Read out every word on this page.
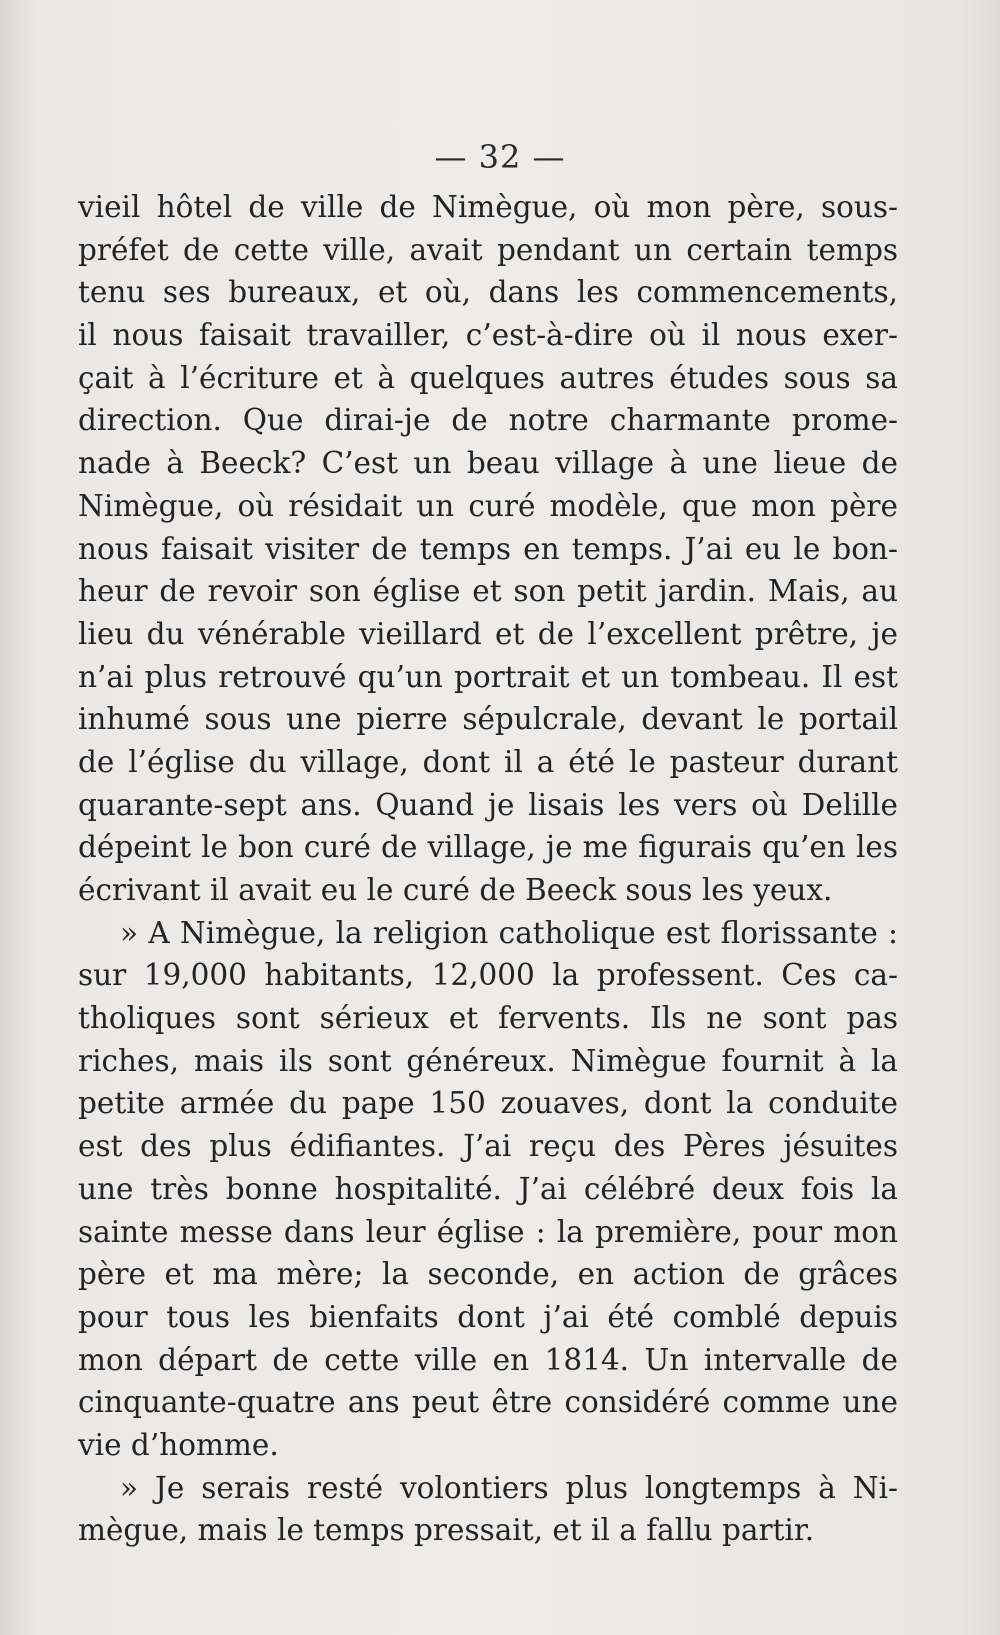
— 32 —
vieil hôtel de ville de Nimègue, où mon père, sous-
préfet de cette ville, avait pendant un certain temps
tenu ses bureaux, et où, dans les commencements,
il nous faisait travailler, c’est-à-dire où il nous exer-
çait à l’écriture et à quelques autres études sous sa
direction. Que dirai-je de notre charmante prome-
nade à Beeck? C’est un beau village à une lieue de
Nimègue, où résidait un curé modèle, que mon père
nous faisait visiter de temps en temps. J’ai eu le bon-
heur de revoir son église et son petit jardin. Mais, au
lieu du vénérable vieillard et de l’excellent prêtre, je
n’ai plus retrouvé qu’un portrait et un tombeau. Il est
inhumé sous une pierre sépulcrale, devant le portail
de l’église du village, dont il a été le pasteur durant
quarante-sept ans. Quand je lisais les vers où Delille
dépeint le bon curé de village, je me figurais qu’en les
écrivant il avait eu le curé de Beeck sous les yeux.
» A Nimègue, la religion catholique est florissante :
sur 19,000 habitants, 12,000 la professent. Ces ca-
tholiques sont sérieux et fervents. Ils ne sont pas
riches, mais ils sont généreux. Nimègue fournit à la
petite armée du pape 150 zouaves, dont la conduite
est des plus édifiantes. J’ai reçu des Pères jésuites
une très bonne hospitalité. J’ai célébré deux fois la
sainte messe dans leur église : la première, pour mon
père et ma mère; la seconde, en action de grâces
pour tous les bienfaits dont j’ai été comblé depuis
mon départ de cette ville en 1814. Un intervalle de
cinquante-quatre ans peut être considéré comme une
vie d’homme.
» Je serais resté volontiers plus longtemps à Ni-
mègue, mais le temps pressait, et il a fallu partir.
